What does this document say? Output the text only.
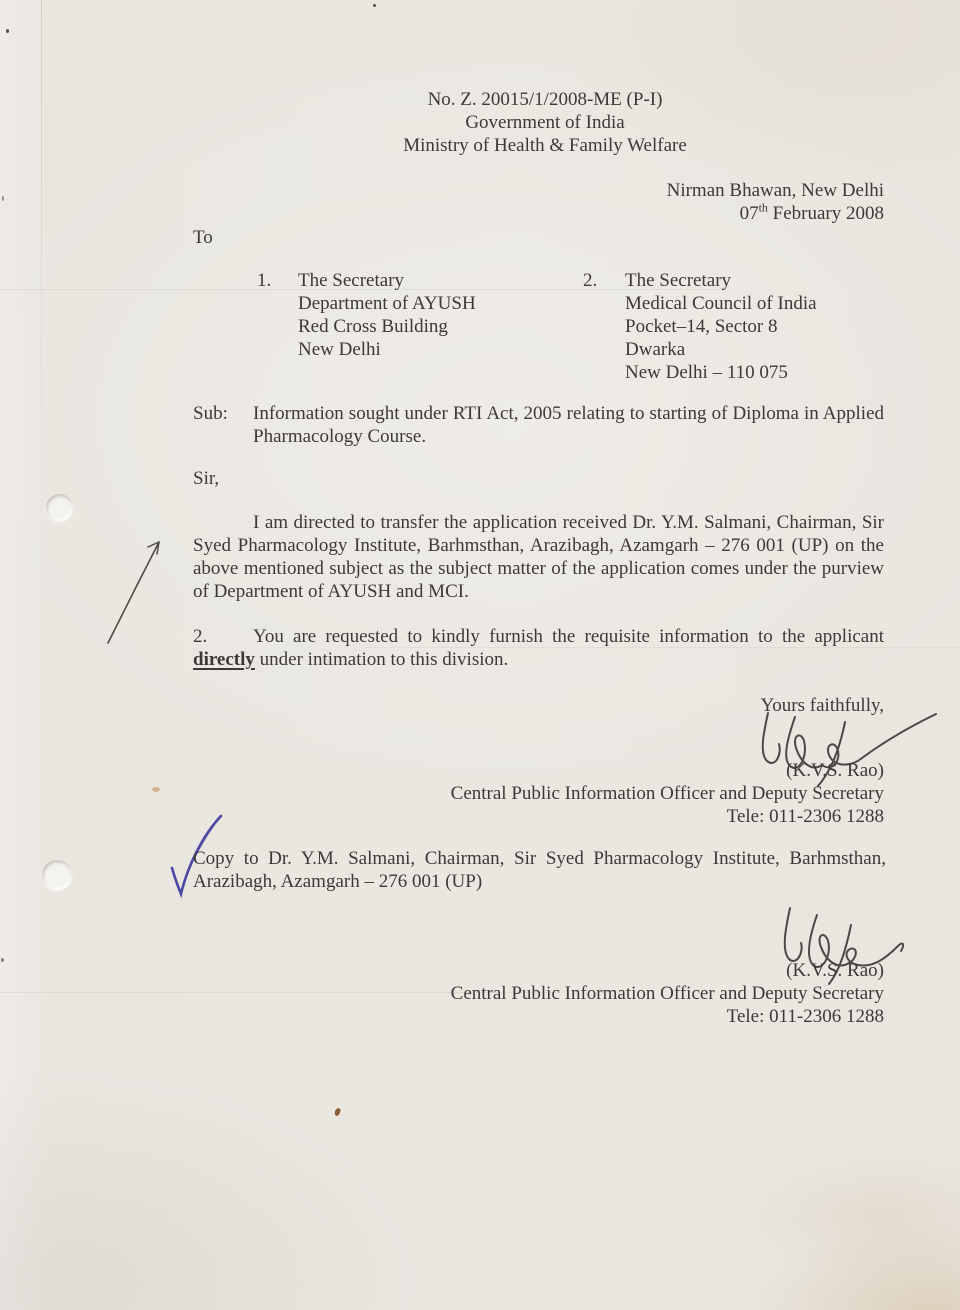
No. Z. 20015/1/2008-ME (P-I)
Government of India
Ministry of Health & Family Welfare
Nirman Bhawan, New Delhi
07th February 2008
To
1.	The Secretary
Department of AYUSH
Red Cross Building
New Delhi
2.	The Secretary
Medical Council of India
Pocket–14, Sector 8
Dwarka
New Delhi – 110 075
Sub: Information sought under RTI Act, 2005 relating to starting of Diploma in Applied Pharmacology Course.
Sir,
I am directed to transfer the application received Dr. Y.M. Salmani, Chairman, Sir Syed Pharmacology Institute, Barhmsthan, Arazibagh, Azamgarh – 276 001 (UP) on the above mentioned subject as the subject matter of the application comes under the purview of Department of AYUSH and MCI.
2. You are requested to kindly furnish the requisite information to the applicant directly under intimation to this division.
Yours faithfully,
(K.V.S. Rao)
Central Public Information Officer and Deputy Secretary
Tele: 011-2306 1288
Copy to Dr. Y.M. Salmani, Chairman, Sir Syed Pharmacology Institute, Barhmsthan, Arazibagh, Azamgarh – 276 001 (UP)
(K.V.S. Rao)
Central Public Information Officer and Deputy Secretary
Tele: 011-2306 1288
